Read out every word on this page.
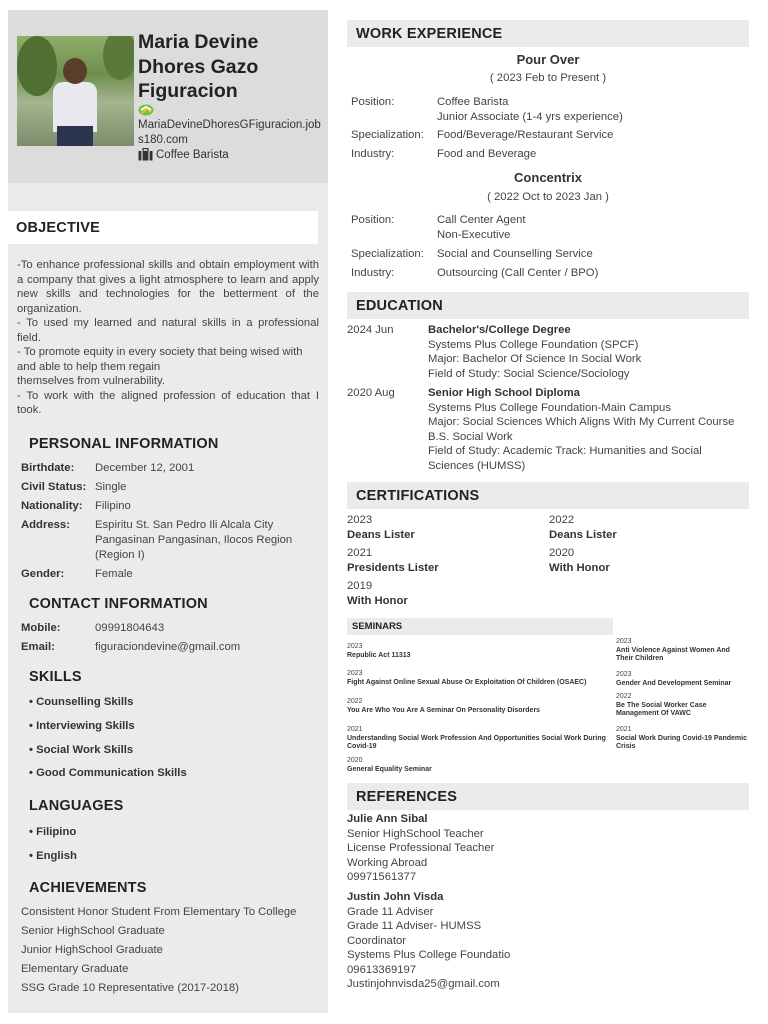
Maria Devine Dhores Gazo Figuracion
MariaDevineDhoresGFiguracion.jobs180.com
Coffee Barista
OBJECTIVE
-To enhance professional skills and obtain employment with a company that gives a light atmosphere to learn and apply new skills and technologies for the betterment of the organization.
- To used my learned and natural skills in a professional field.
- To promote equity in every society that being wised with and able to help them regain
themselves from vulnerability.
- To work with the aligned profession of education that I took.
PERSONAL INFORMATION
Birthdate: December 12, 2001
Civil Status: Single
Nationality: Filipino
Address: Espiritu St. San Pedro Ili Alcala City Pangasinan Pangasinan, Ilocos Region (Region I)
Gender:	Female
CONTACT INFORMATION
Mobile:	09991804643
Email:	figuraciondevine@gmail.com
SKILLS
• Counselling Skills
• Interviewing Skills
• Social Work Skills
• Good Communication Skills
LANGUAGES
• Filipino
• English
ACHIEVEMENTS
Consistent Honor Student From Elementary To College
Senior HighSchool Graduate
Junior HighSchool Graduate
Elementary Graduate
SSG Grade 10 Representative (2017-2018)
WORK EXPERIENCE
Pour Over
( 2023 Feb to Present )
Position:	Coffee Barista
Junior Associate (1-4 yrs experience)
Specialization: Food/Beverage/Restaurant Service
Industry:	Food and Beverage
Concentrix
( 2022 Oct to 2023 Jan )
Position:	Call Center Agent
Non-Executive
Specialization: Social and Counselling Service
Industry:	Outsourcing (Call Center / BPO)
EDUCATION
2024 Jun	Bachelor's/College Degree
Systems Plus College Foundation (SPCF)
Major: Bachelor Of Science In Social Work
Field of Study: Social Science/Sociology
2020 Aug	Senior High School Diploma
Systems Plus College Foundation-Main Campus
Major: Social Sciences Which Aligns With My Current Course B.S. Social Work
Field of Study: Academic Track: Humanities and Social Sciences (HUMSS)
CERTIFICATIONS
2023
Deans Lister
2022
Deans Lister
2021
Presidents Lister
2020
With Honor
2019
With Honor
SEMINARS
2023
Republic Act 11313
2023
Fight Against Online Sexual Abuse Or Exploitation Of Children (OSAEC)
2022
You Are Who You Are A Seminar On Personality Disorders
2021
Understanding Social Work Profession And Opportunities Social Work During Covid-19
2020
General Equality Seminar
2023
Anti Violence Against Women And Their Children
2023
Gender And Development Seminar
2022
Be The Social Worker Case Management Of VAWC
2021
Social Work During Covid-19 Pandemic Crisis
REFERENCES
Julie Ann Sibal
Senior HighSchool Teacher
License Professional Teacher
Working Abroad
09971561377
Justin John Visda
Grade 11 Adviser
Grade 11 Adviser- HUMSS
Coordinator
Systems Plus College Foundatio
09613369197
Justinjohnvisda25@gmail.com
